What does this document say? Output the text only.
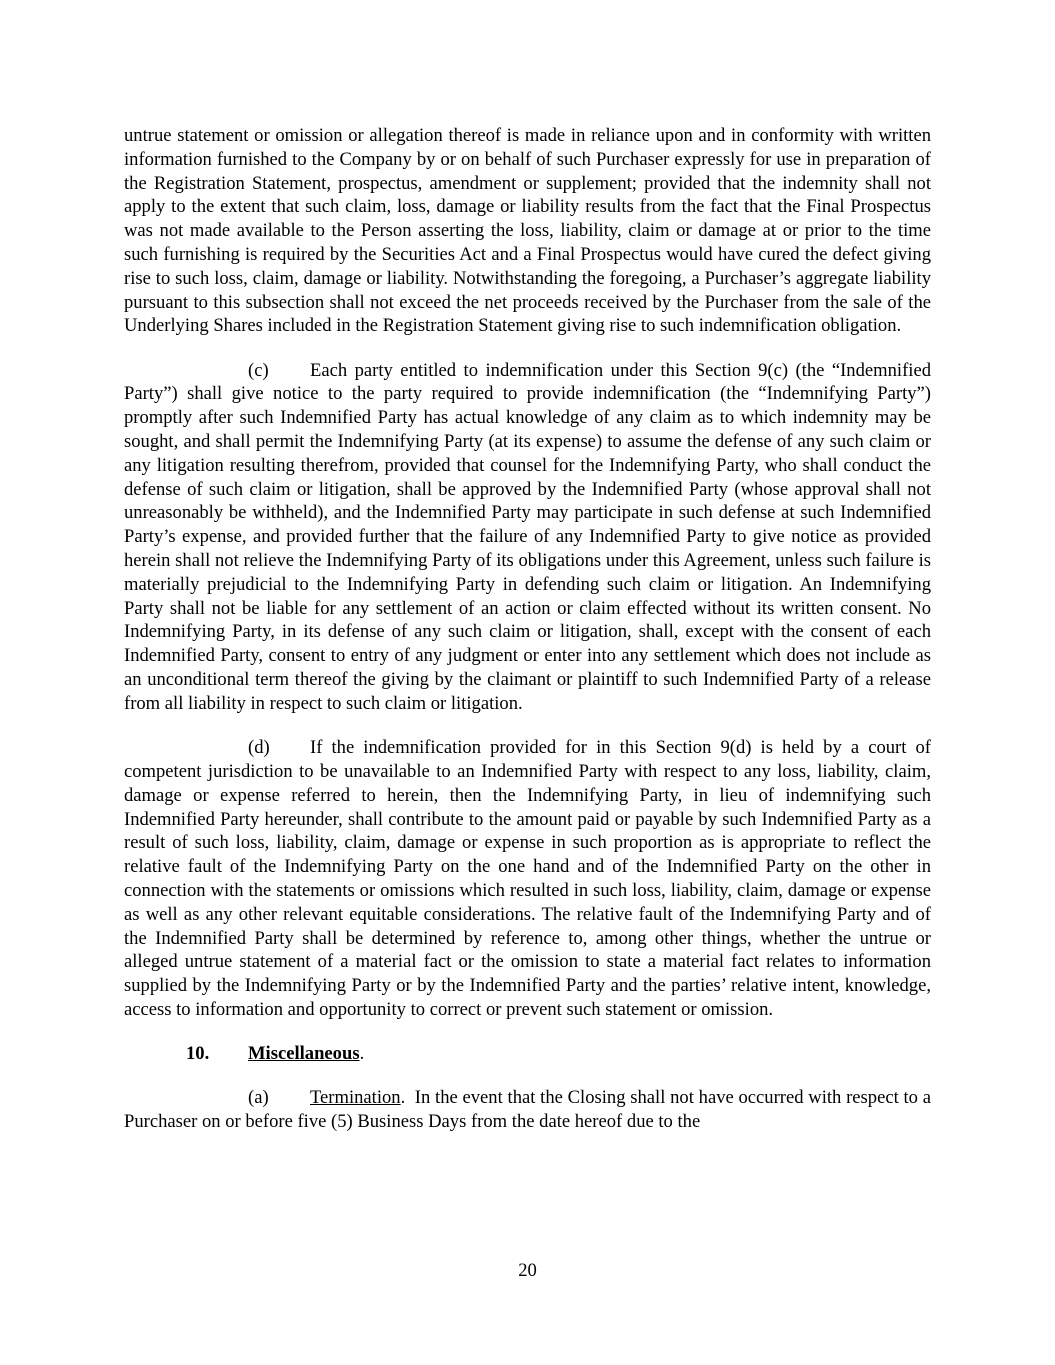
untrue statement or omission or allegation thereof is made in reliance upon and in conformity with written information furnished to the Company by or on behalf of such Purchaser expressly for use in preparation of the Registration Statement, prospectus, amendment or supplement; provided that the indemnity shall not apply to the extent that such claim, loss, damage or liability results from the fact that the Final Prospectus was not made available to the Person asserting the loss, liability, claim or damage at or prior to the time such furnishing is required by the Securities Act and a Final Prospectus would have cured the defect giving rise to such loss, claim, damage or liability. Notwithstanding the foregoing, a Purchaser’s aggregate liability pursuant to this subsection shall not exceed the net proceeds received by the Purchaser from the sale of the Underlying Shares included in the Registration Statement giving rise to such indemnification obligation.

(c) Each party entitled to indemnification under this Section 9(c) (the “Indemnified Party”) shall give notice to the party required to provide indemnification (the “Indemnifying Party”) promptly after such Indemnified Party has actual knowledge of any claim as to which indemnity may be sought, and shall permit the Indemnifying Party (at its expense) to assume the defense of any such claim or any litigation resulting therefrom, provided that counsel for the Indemnifying Party, who shall conduct the defense of such claim or litigation, shall be approved by the Indemnified Party (whose approval shall not unreasonably be withheld), and the Indemnified Party may participate in such defense at such Indemnified Party’s expense, and provided further that the failure of any Indemnified Party to give notice as provided herein shall not relieve the Indemnifying Party of its obligations under this Agreement, unless such failure is materially prejudicial to the Indemnifying Party in defending such claim or litigation. An Indemnifying Party shall not be liable for any settlement of an action or claim effected without its written consent. No Indemnifying Party, in its defense of any such claim or litigation, shall, except with the consent of each Indemnified Party, consent to entry of any judgment or enter into any settlement which does not include as an unconditional term thereof the giving by the claimant or plaintiff to such Indemnified Party of a release from all liability in respect to such claim or litigation.

(d) If the indemnification provided for in this Section 9(d) is held by a court of competent jurisdiction to be unavailable to an Indemnified Party with respect to any loss, liability, claim, damage or expense referred to herein, then the Indemnifying Party, in lieu of indemnifying such Indemnified Party hereunder, shall contribute to the amount paid or payable by such Indemnified Party as a result of such loss, liability, claim, damage or expense in such proportion as is appropriate to reflect the relative fault of the Indemnifying Party on the one hand and of the Indemnified Party on the other in connection with the statements or omissions which resulted in such loss, liability, claim, damage or expense as well as any other relevant equitable considerations. The relative fault of the Indemnifying Party and of the Indemnified Party shall be determined by reference to, among other things, whether the untrue or alleged untrue statement of a material fact or the omission to state a material fact relates to information supplied by the Indemnifying Party or by the Indemnified Party and the parties’ relative intent, knowledge, access to information and opportunity to correct or prevent such statement or omission.

10. Miscellaneous.

(a) Termination. In the event that the Closing shall not have occurred with respect to a Purchaser on or before five (5) Business Days from the date hereof due to the

20
